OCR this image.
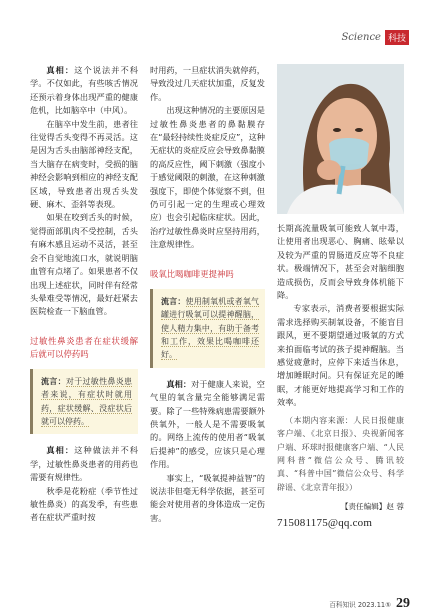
Science 科技

真相：这个说法并不科学。不仅如此，有些咳舌情况还预示着身体出现严重的健康危机，比如脑卒中（中风）。

在脑卒中发生前，患者往往觉得舌头变得不再灵活。这是因为舌头由脑部神经支配，当大脑存在病变时，受损的脑神经会影响到相应的神经支配区域，导致患者出现舌头发硬、麻木、歪斜等表现。

如果在咬到舌头的时候，觉得面部肌肉不受控制，舌头有麻木感且运动不灵活，甚至会不自觉地流口水，就说明脑血管有点堵了。如果患者不仅出现上述症状，同时伴有经常头晕难受等情况，最好赶紧去医院检查一下脑血管。

过敏性鼻炎患者在症状缓解后就可以停药吗
流言：对于过敏性鼻炎患者来说，有症状时就用药，症状缓解、没症状后就可以停药。

真相：这种做法并不科学，过敏性鼻炎患者的用药也需要有规律性。

秋季是花粉症（季节性过敏性鼻炎）的高发季，有些患者在症状严重时按

时用药，一旦症状消失就停药，导致没过几天症状加重，反复发作。

出现这种情况的主要原因是过敏性鼻炎患者的鼻黏膜存在“最轻持续性炎症反应”，这种无症状的炎症反应会导致鼻黏膜的高反应性，阈下刺激（强度小于感觉阈限的刺激，在这种刺激强度下，即使个体觉察不到，但仍可引起一定的生理或心理效应）也会引起临床症状。因此，治疗过敏性鼻炎时应坚持用药，注意规律性。

吸氧比喝咖啡更提神吗
流言：使用制氧机或者氧气罐进行吸氧可以提神醒脑，使人精力集中，有助于备考和工作，效果比喝咖啡还好。

真相：对于健康人来说，空气里的氧含量完全能够满足需要。除了一些特殊病患需要额外供氧外，一般人是不需要吸氧的。网络上流传的使用者“吸氧后提神”的感受，应该只是心理作用。

事实上，“吸氧提神益智”的说法非但毫无科学依据，甚至可能会对使用者的身体造成一定伤害。

长期高流量吸氧可能致人氧中毒，让使用者出现恶心、胸痛、眩晕以及较为严重的胃肠道反应等不良症状。极端情况下，甚至会对脑细胞造成损伤，反而会导致身体机能下降。

专家表示，消费者要根据实际需求选择购买制氧设备，不能盲目跟风，更不要期望通过吸氧的方式来拍面临考试的孩子提神醒脑。当感觉疲惫时，应停下来适当休息，增加睡眠时间。只有保证充足的睡眠，才能更好地提高学习和工作的效率。

（本期内容来源：人民日报健康客户端、《北京日报》、央视新闻客户端、环球时报健康客户端、“人民网科普”微信公众号、腾讯较真、“科普中国”微信公众号、科学辟谣、《北京青年报》）
【责任编辑】赵 蓉
715081175@qq.com
百科知识 2023.11⑤ 29
